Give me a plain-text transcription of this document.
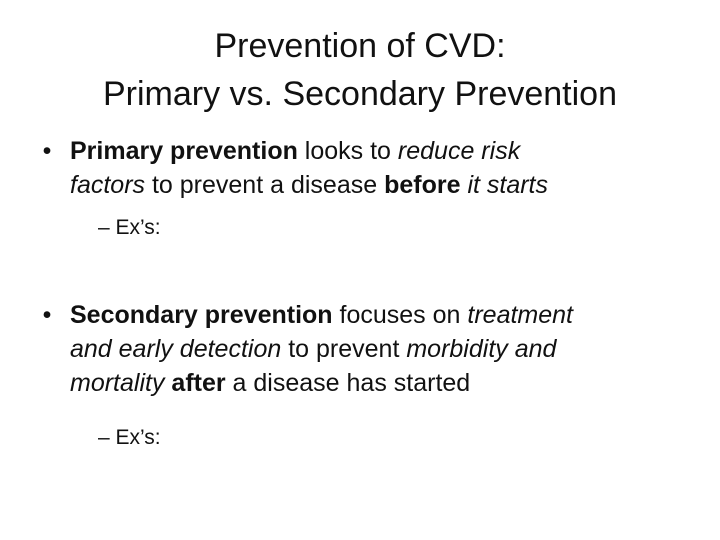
Prevention of CVD:
Primary vs. Secondary Prevention
• Primary prevention looks to reduce risk
factors to prevent a disease before it starts
– Ex’s:
• Secondary prevention focuses on treatment
and early detection to prevent morbidity and
mortality after a disease has started
– Ex’s:
